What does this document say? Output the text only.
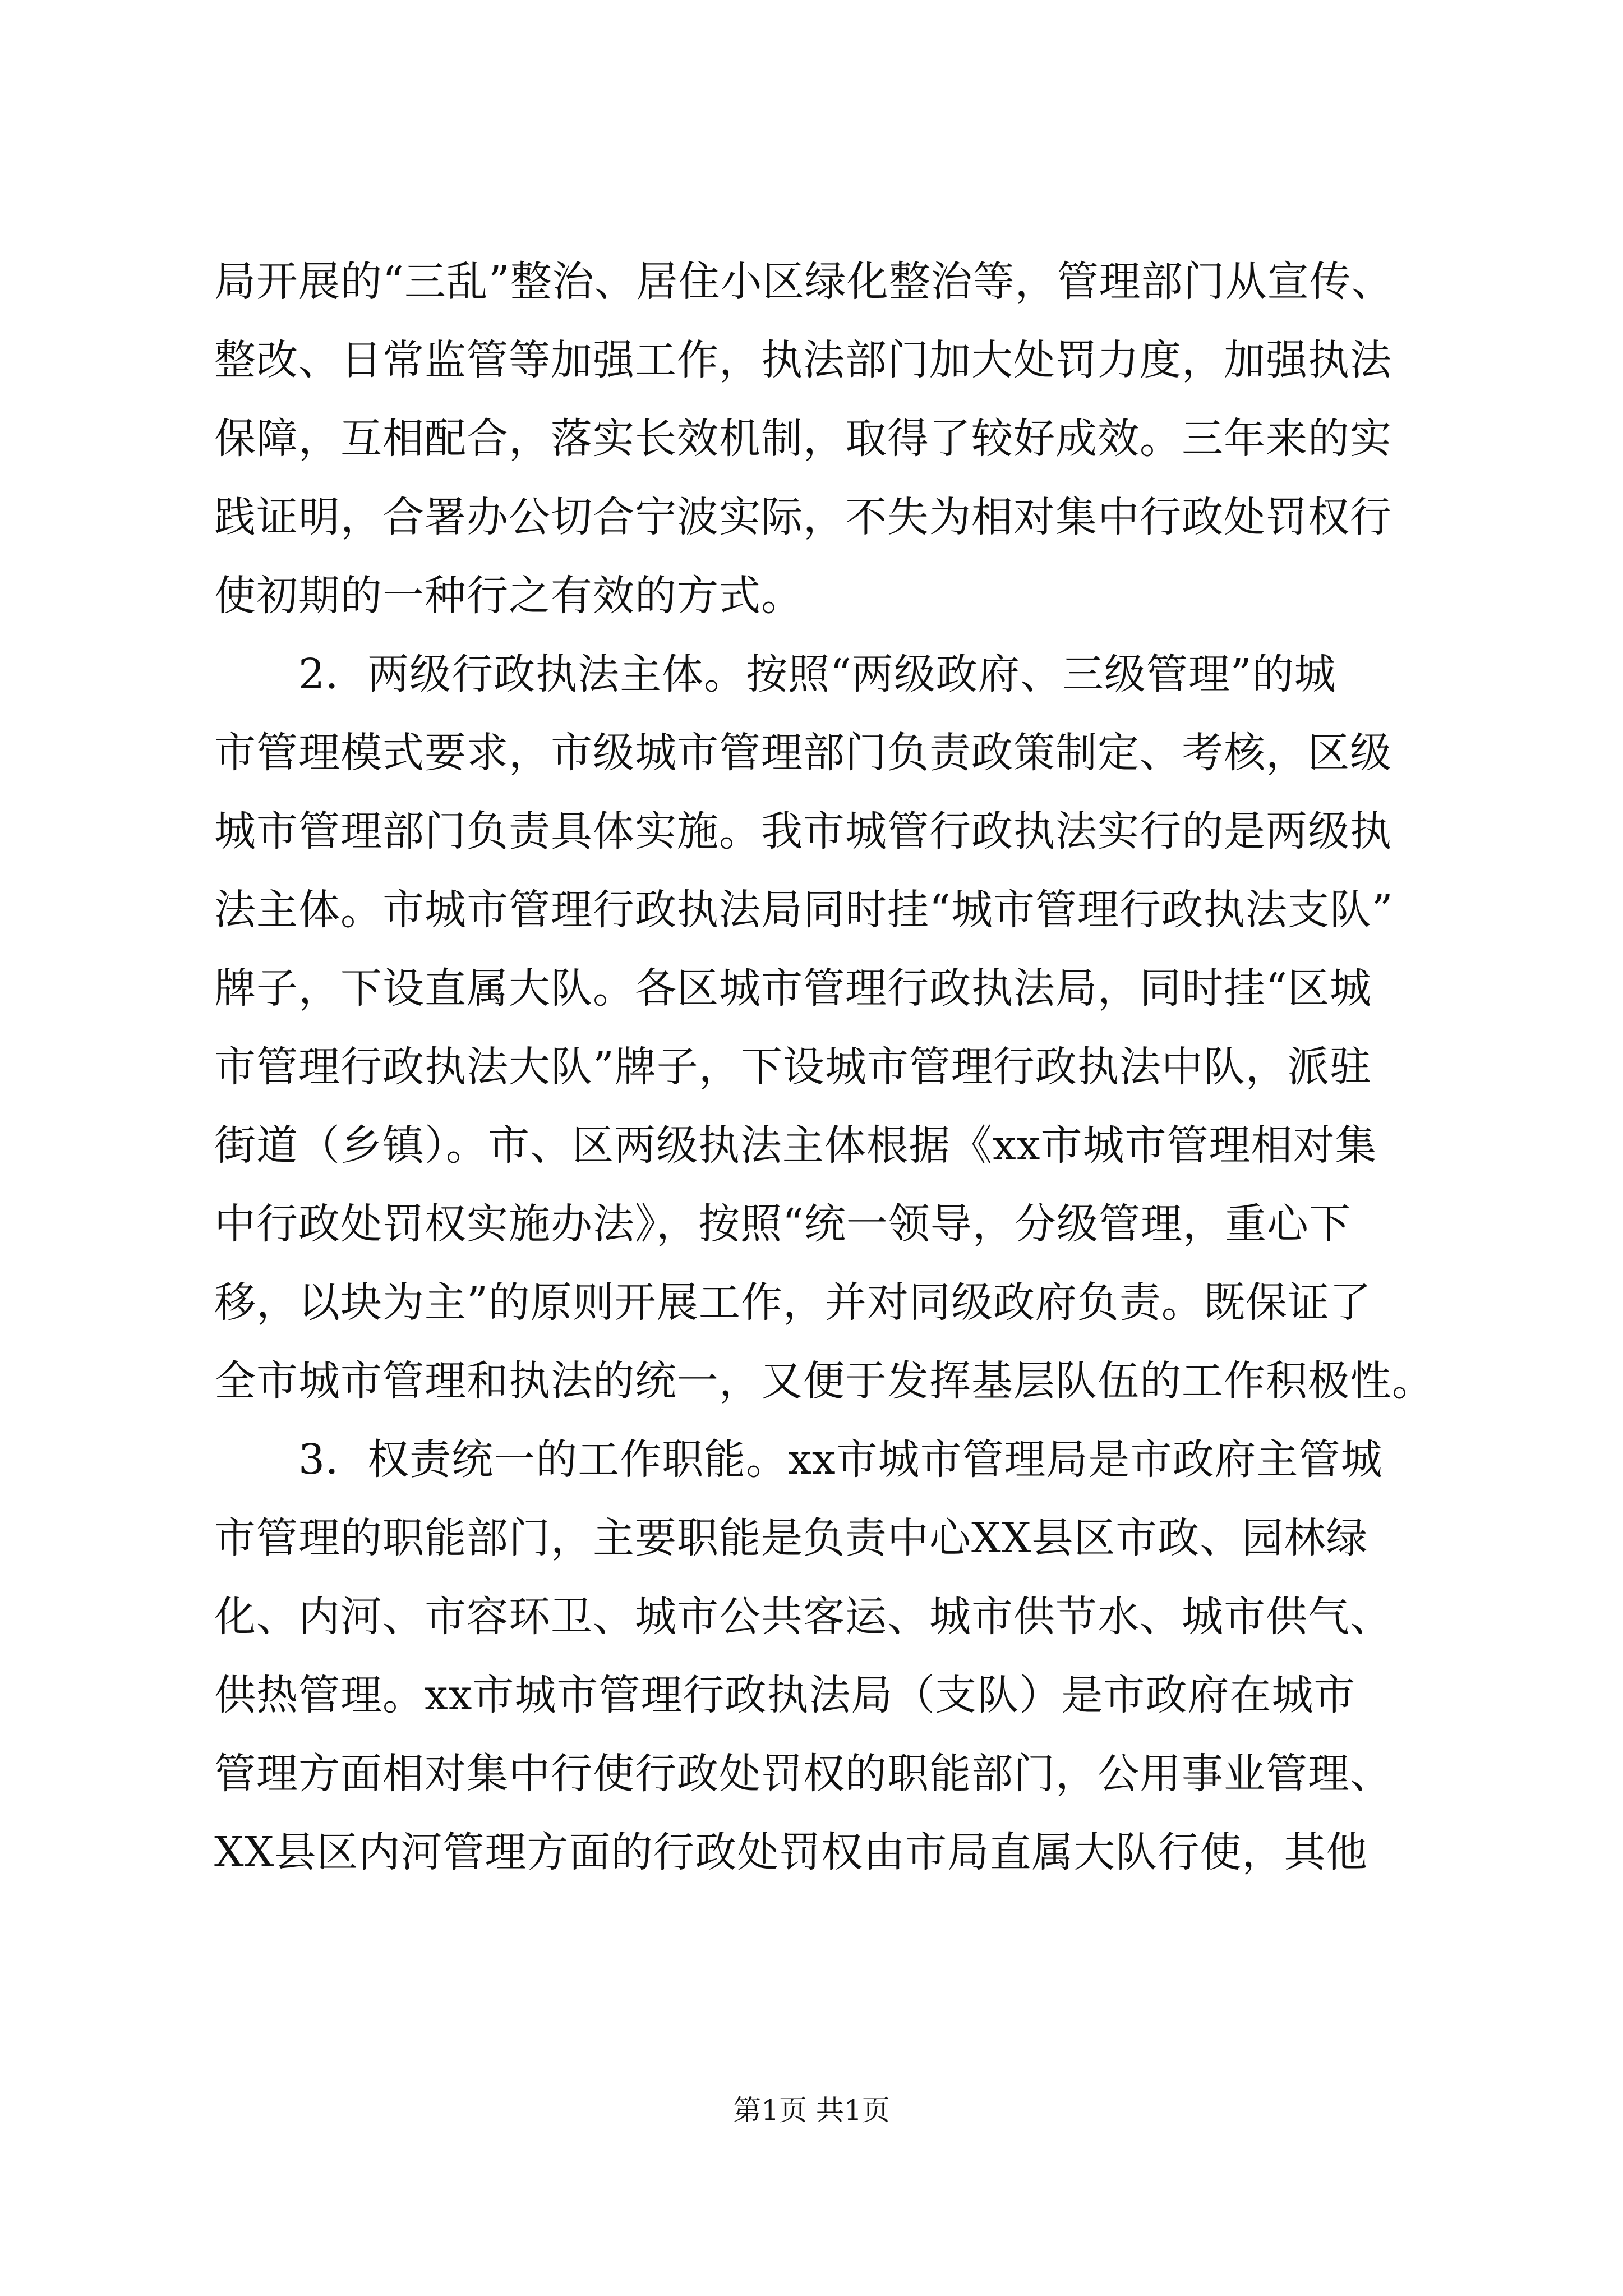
局开展的“三乱”整治、居住小区绿化整治等，管理部门从宣传、
整改、日常监管等加强工作，执法部门加大处罚力度，加强执法
保障，互相配合，落实长效机制，取得了较好成效。三年来的实
践证明，合署办公切合宁波实际，不失为相对集中行政处罚权行
使初期的一种行之有效的方式。
　　2．两级行政执法主体。按照“两级政府、三级管理”的城
市管理模式要求，市级城市管理部门负责政策制定、考核，区级
城市管理部门负责具体实施。我市城管行政执法实行的是两级执
法主体。市城市管理行政执法局同时挂“城市管理行政执法支队”
牌子，下设直属大队。各区城市管理行政执法局，同时挂“区城
市管理行政执法大队”牌子，下设城市管理行政执法中队，派驻
街道（乡镇）。市、区两级执法主体根据《xx市城市管理相对集
中行政处罚权实施办法》，按照“统一领导，分级管理，重心下
移，以块为主”的原则开展工作，并对同级政府负责。既保证了
全市城市管理和执法的统一，又便于发挥基层队伍的工作积极性。
　　3．权责统一的工作职能。xx市城市管理局是市政府主管城
市管理的职能部门，主要职能是负责中心XX县区市政、园林绿
化、内河、市容环卫、城市公共客运、城市供节水、城市供气、
供热管理。xx市城市管理行政执法局（支队）是市政府在城市
管理方面相对集中行使行政处罚权的职能部门，公用事业管理、
XX县区内河管理方面的行政处罚权由市局直属大队行使，其他
第1页 共1页
